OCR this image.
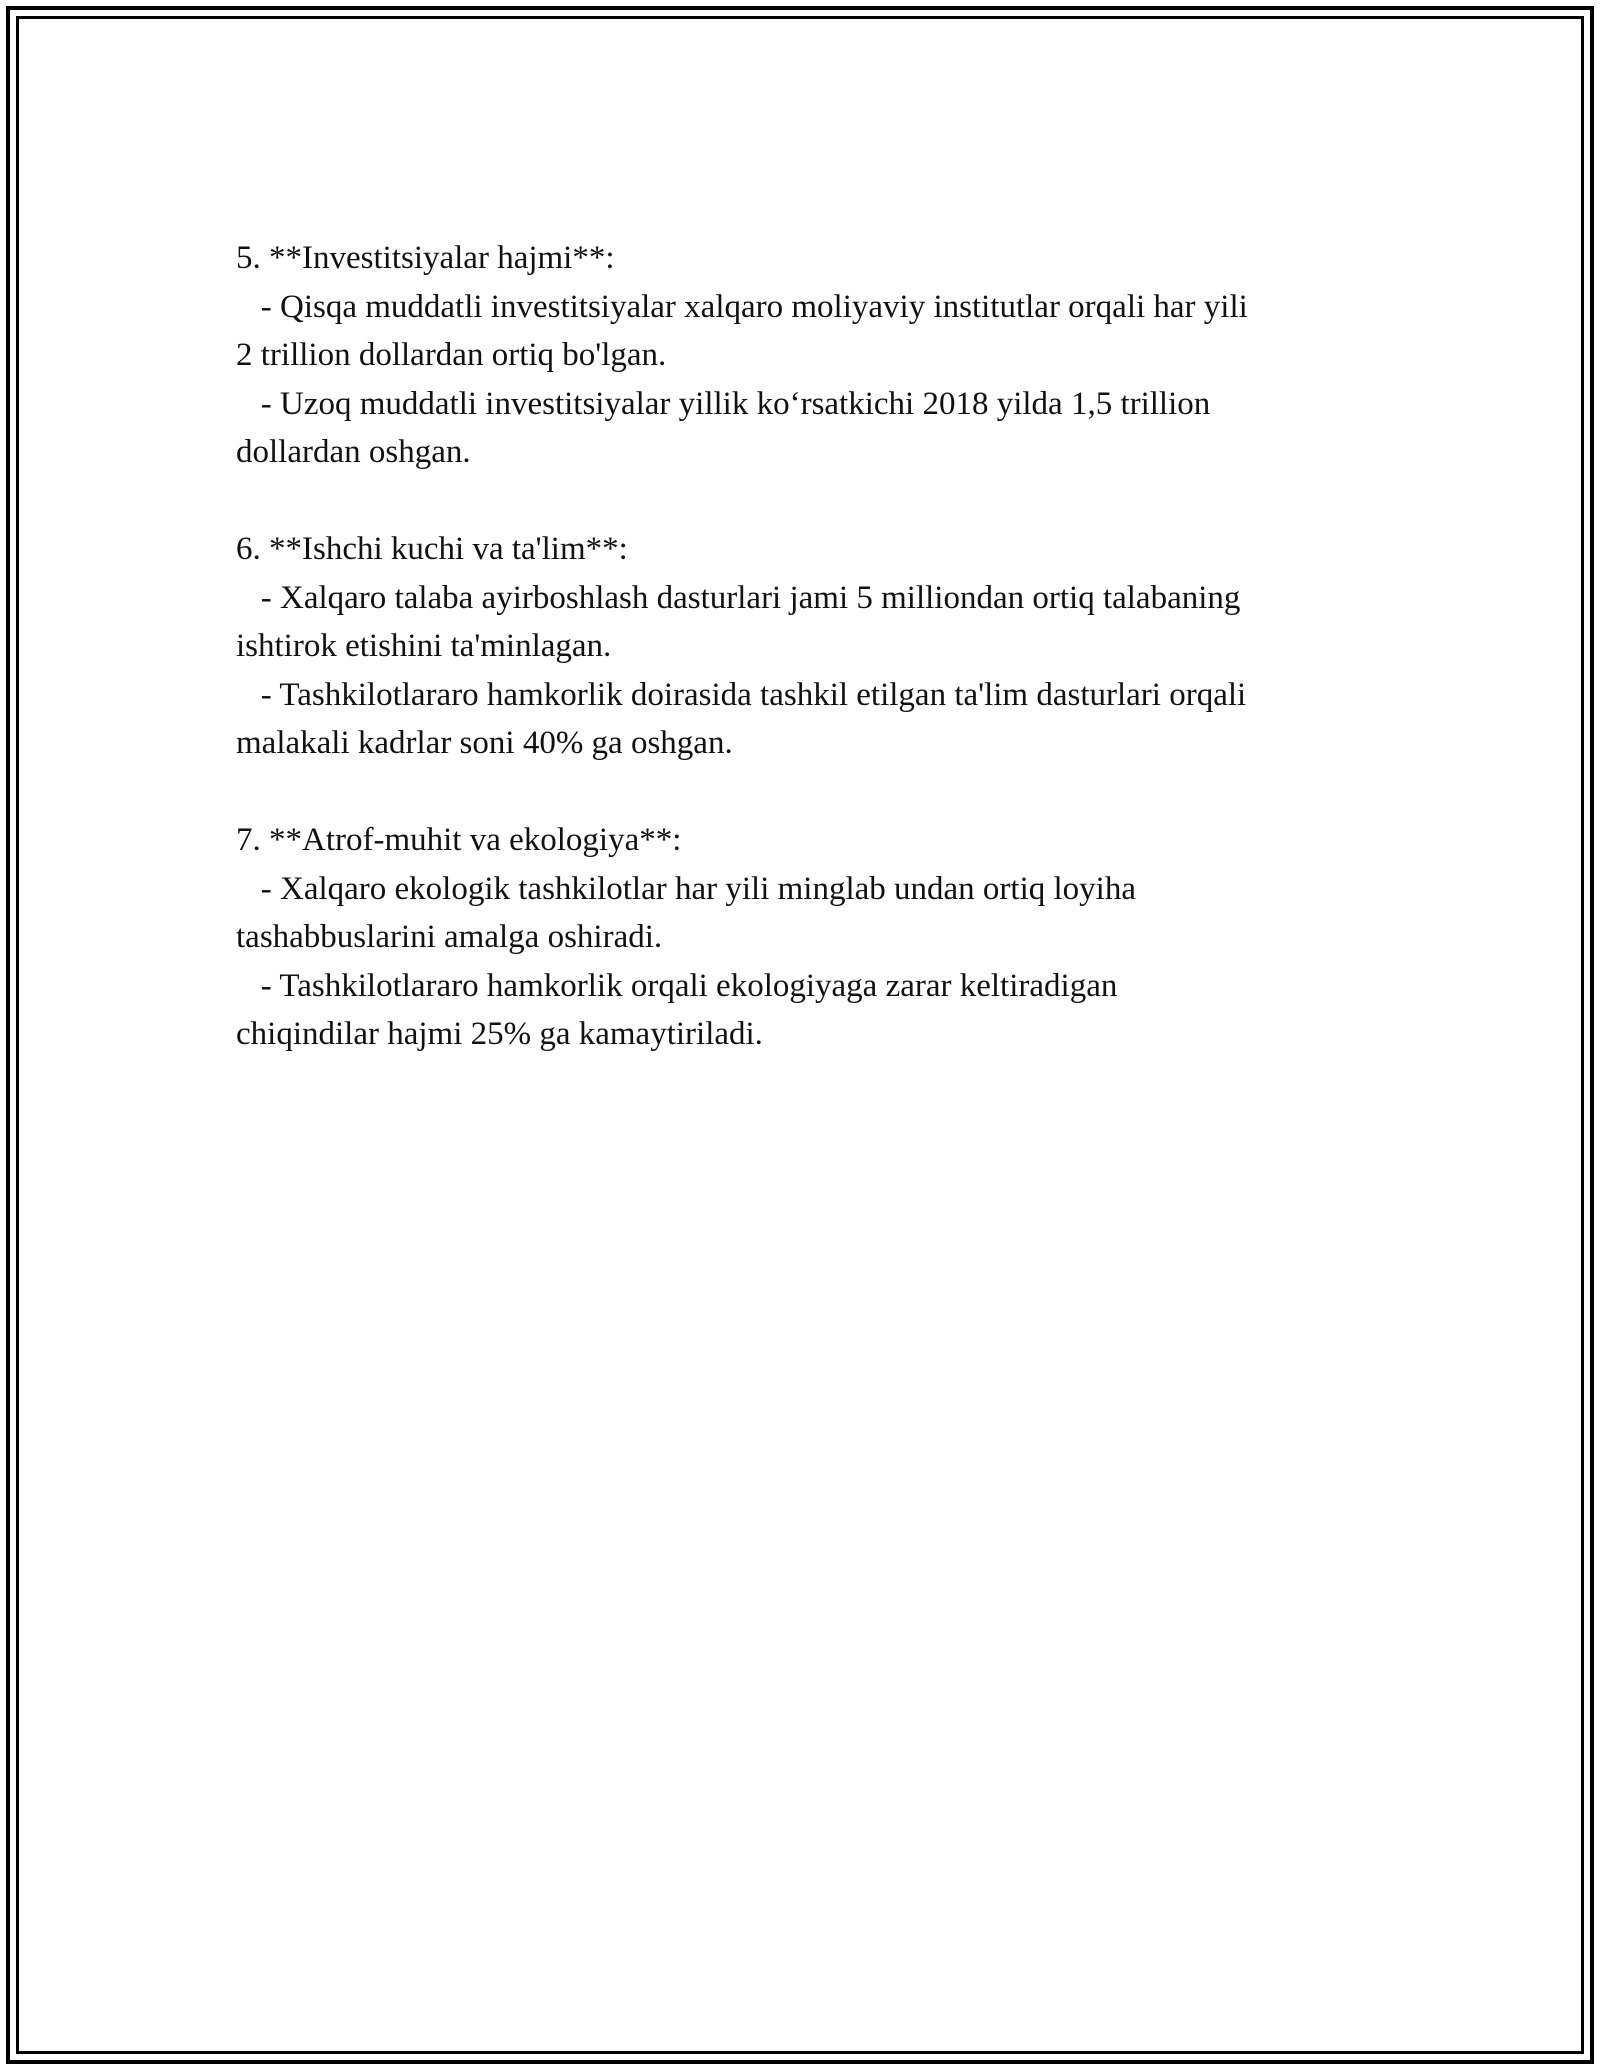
5. **Investitsiyalar hajmi**:
- Qisqa muddatli investitsiyalar xalqaro moliyaviy institutlar orqali har yili
2 trillion dollardan ortiq bo'lgan.
- Uzoq muddatli investitsiyalar yillik ko‘rsatkichi 2018 yilda 1,5 trillion
dollardan oshgan.
6. **Ishchi kuchi va ta'lim**:
- Xalqaro talaba ayirboshlash dasturlari jami 5 milliondan ortiq talabaning
ishtirok etishini ta'minlagan.
- Tashkilotlararo hamkorlik doirasida tashkil etilgan ta'lim dasturlari orqali
malakali kadrlar soni 40% ga oshgan.
7. **Atrof-muhit va ekologiya**:
- Xalqaro ekologik tashkilotlar har yili minglab undan ortiq loyiha
tashabbuslarini amalga oshiradi.
- Tashkilotlararo hamkorlik orqali ekologiyaga zarar keltiradigan
chiqindilar hajmi 25% ga kamaytiriladi.
